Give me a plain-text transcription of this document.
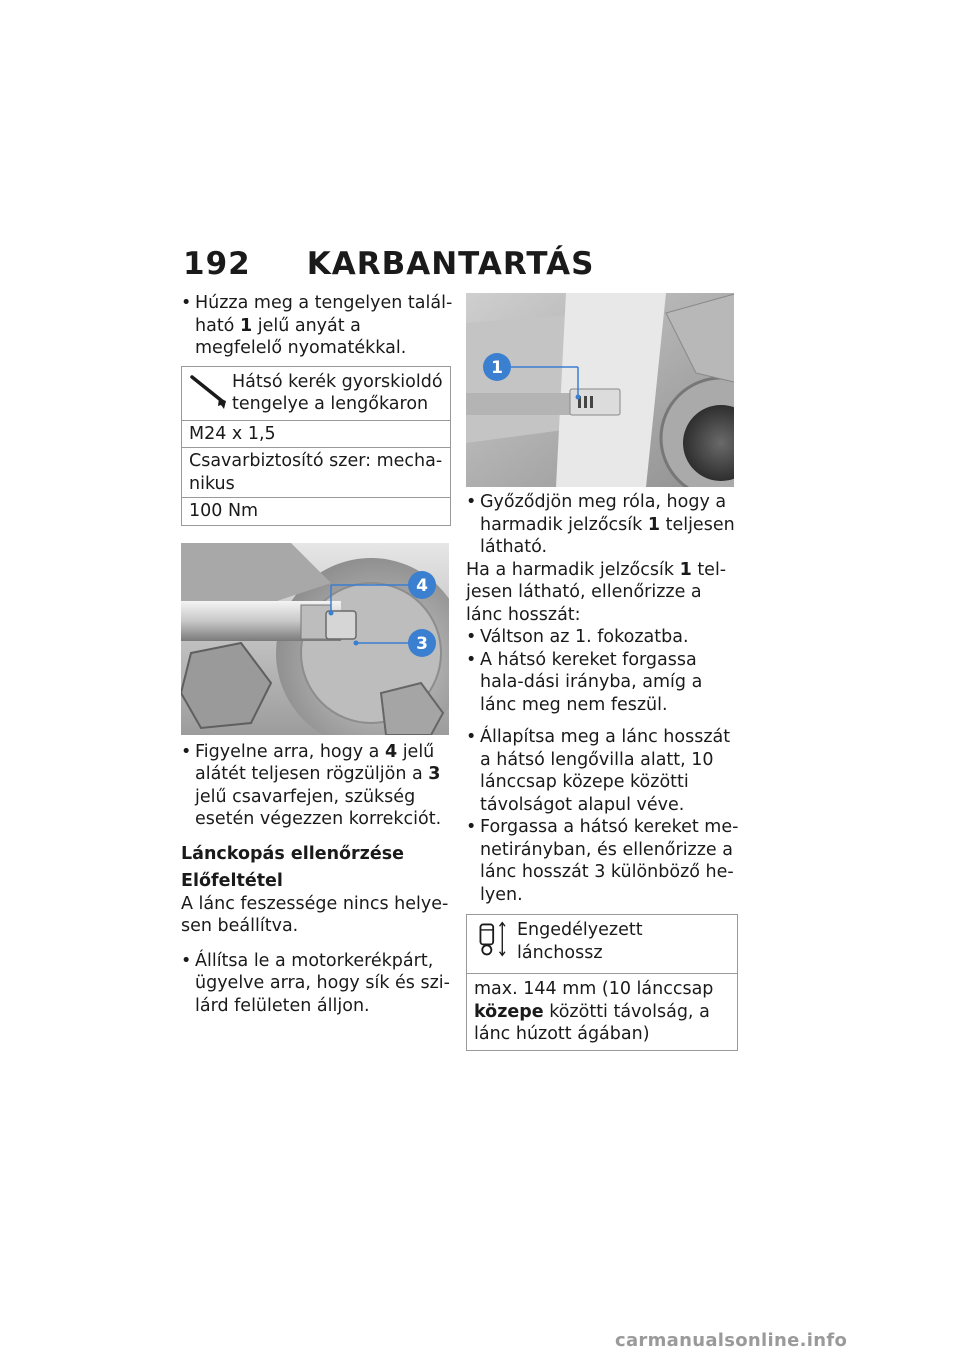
192 KARBANTARTÁS

• Húzza meg a tengelyen talál-ható 1 jelű anyát a megfelelő nyomatékkal.

Hátsó kerék gyorskioldó tengelye a lengőkaron
M24 x 1,5
Csavarbiztosító szer: mecha-nikus
100 Nm
4
3

• Figyelne arra, hogy a 4 jelű alátét teljesen rögzüljön a 3 jelű csavarfejen, szükség esetén végezzen korrekciót.

Lánckopás ellenőrzése

Előfeltétel

A lánc feszessége nincs helye-sen beállítva.

• Állítsa le a motorkerékpárt, ügyelve arra, hogy sík és szi-lárd felületen álljon.

1

• Győződjön meg róla, hogy a harmadik jelzőcsík 1 teljesen látható.

Ha a harmadik jelzőcsík 1 tel-jesen látható, ellenőrizze a lánc hosszát:

• Váltson az 1. fokozatba.

• A hátsó kereket forgassa hala-dási irányba, amíg a lánc meg nem feszül.

• Állapítsa meg a lánc hosszát a hátsó lengővilla alatt, 10 lánccsap közepe közötti távolságot alapul véve.

• Forgassa a hátsó kereket me-netirányban, és ellenőrizze a lánc hosszát 3 különböző he-lyen.

Engedélyezett lánchossz
max. 144 mm (10 lánccsap közepe közötti távolság, a lánc húzott ágában)
carmanualsonline.info
